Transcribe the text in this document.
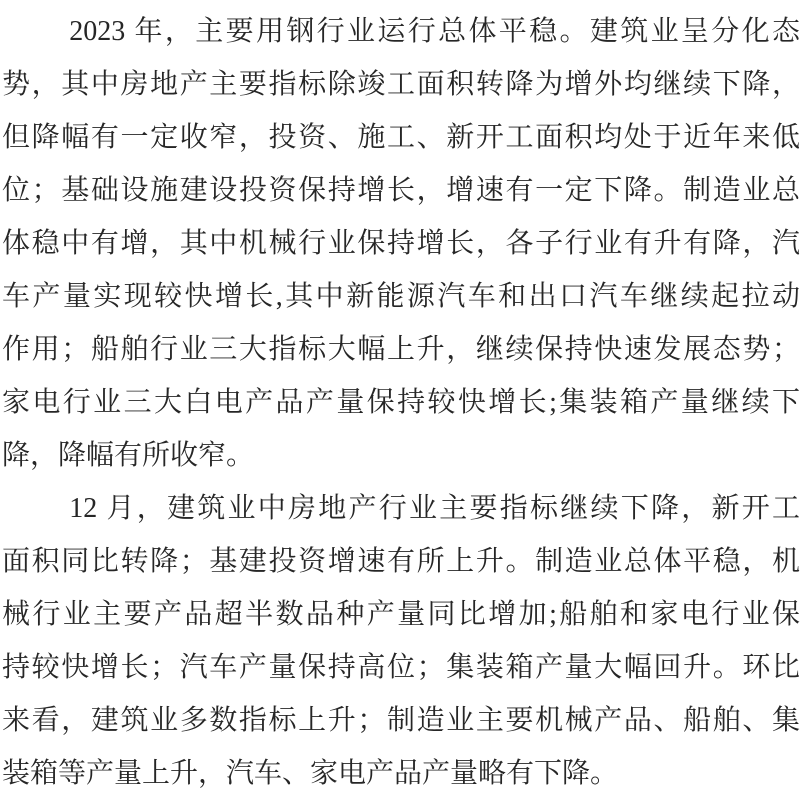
2023 年，主要用钢行业运行总体平稳。建筑业呈分化态
势，其中房地产主要指标除竣工面积转降为增外均继续下降，
但降幅有一定收窄，投资、施工、新开工面积均处于近年来低
位；基础设施建设投资保持增长，增速有一定下降。制造业总
体稳中有增，其中机械行业保持增长，各子行业有升有降，汽
车产量实现较快增长,其中新能源汽车和出口汽车继续起拉动
作用；船舶行业三大指标大幅上升，继续保持快速发展态势；
家电行业三大白电产品产量保持较快增长;集装箱产量继续下
降，降幅有所收窄。
12 月，建筑业中房地产行业主要指标继续下降，新开工
面积同比转降；基建投资增速有所上升。制造业总体平稳，机
械行业主要产品超半数品种产量同比增加;船舶和家电行业保
持较快增长；汽车产量保持高位；集装箱产量大幅回升。环比
来看，建筑业多数指标上升；制造业主要机械产品、船舶、集
装箱等产量上升，汽车、家电产品产量略有下降。
